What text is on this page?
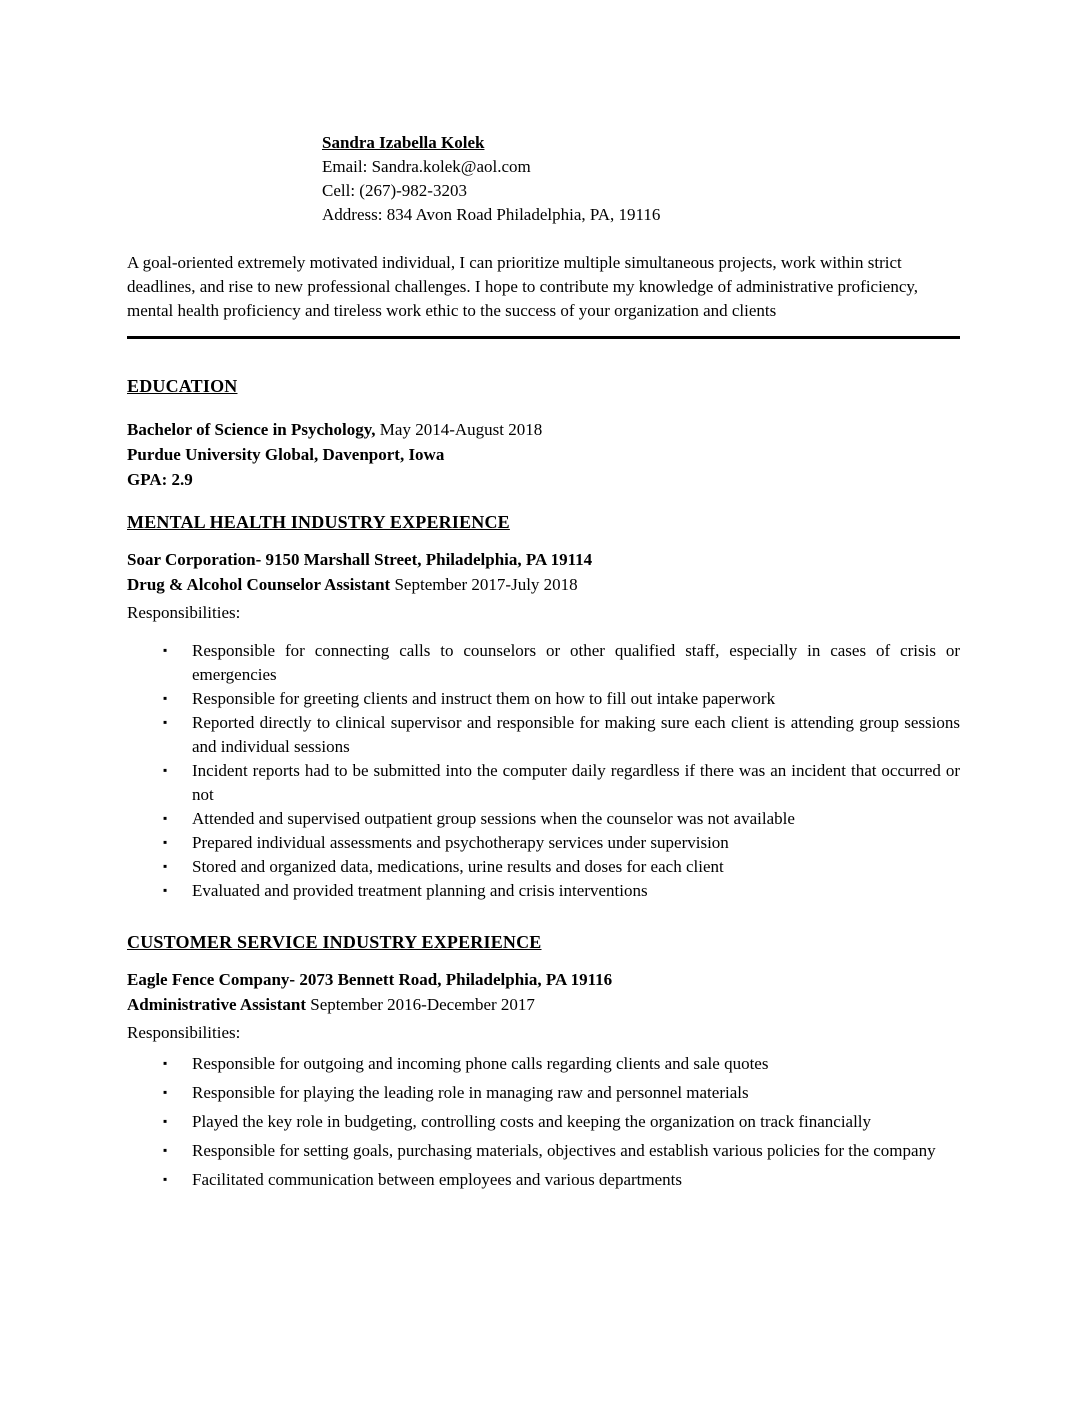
Sandra Izabella Kolek
Email: Sandra.kolek@aol.com
Cell: (267)-982-3203
Address: 834 Avon Road Philadelphia, PA, 19116

A goal-oriented extremely motivated individual, I can prioritize multiple simultaneous projects, work within strict deadlines, and rise to new professional challenges. I hope to contribute my knowledge of administrative proficiency, mental health proficiency and tireless work ethic to the success of your organization and clients

EDUCATION

Bachelor of Science in Psychology, May 2014-August 2018

Purdue University Global, Davenport, Iowa

GPA: 2.9

MENTAL HEALTH INDUSTRY EXPERIENCE

Soar Corporation- 9150 Marshall Street, Philadelphia, PA 19114

Drug & Alcohol Counselor Assistant September 2017-July 2018

Responsibilities:

▪ Responsible for connecting calls to counselors or other qualified staff, especially in cases of crisis or emergencies
▪ Responsible for greeting clients and instruct them on how to fill out intake paperwork
▪ Reported directly to clinical supervisor and responsible for making sure each client is attending group sessions and individual sessions
▪ Incident reports had to be submitted into the computer daily regardless if there was an incident that occurred or not
▪ Attended and supervised outpatient group sessions when the counselor was not available
▪ Prepared individual assessments and psychotherapy services under supervision
▪ Stored and organized data, medications, urine results and doses for each client
▪ Evaluated and provided treatment planning and crisis interventions
CUSTOMER SERVICE INDUSTRY EXPERIENCE

Eagle Fence Company- 2073 Bennett Road, Philadelphia, PA 19116

Administrative Assistant September 2016-December 2017

Responsibilities:

▪ Responsible for outgoing and incoming phone calls regarding clients and sale quotes
▪ Responsible for playing the leading role in managing raw and personnel materials
▪ Played the key role in budgeting, controlling costs and keeping the organization on track financially
▪ Responsible for setting goals, purchasing materials, objectives and establish various policies for the company
▪ Facilitated communication between employees and various departments
